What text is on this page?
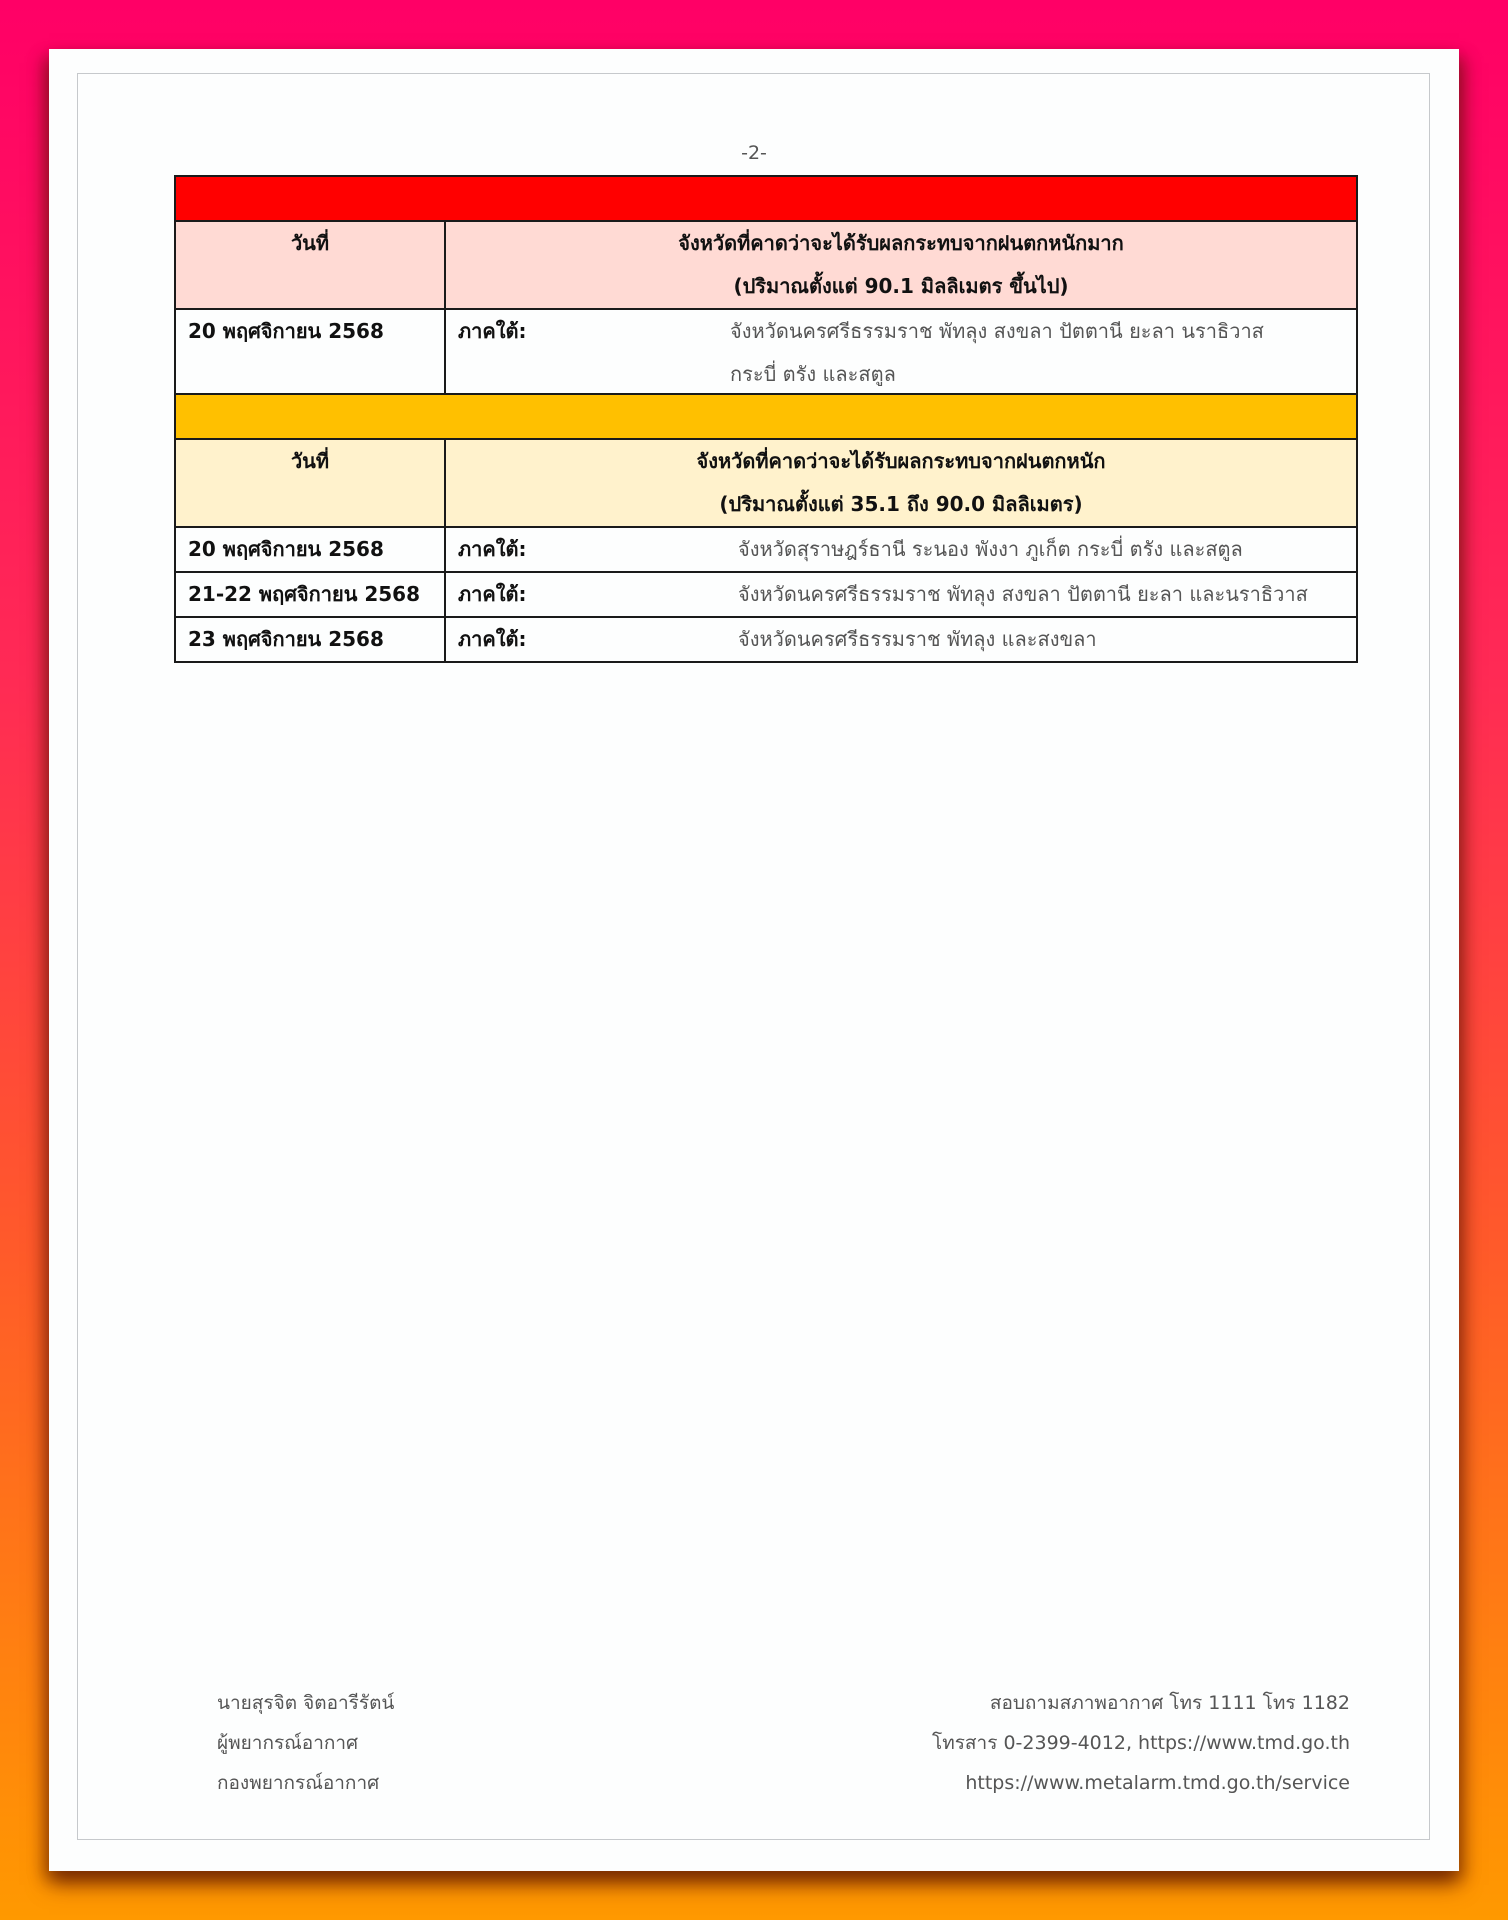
-2-

วันที่	จังหวัดที่คาดว่าจะได้รับผลกระทบจากฝนตกหนักมาก
(ปริมาณตั้งแต่ 90.1 มิลลิเมตร ขึ้นไป)

20 พฤศจิกายน 2568	ภาคใต้: จังหวัดนครศรีธรรมราช พัทลุง สงขลา ปัตตานี ยะลา นราธิวาส
กระบี่ ตรัง และสตูล

วันที่	จังหวัดที่คาดว่าจะได้รับผลกระทบจากฝนตกหนัก
(ปริมาณตั้งแต่ 35.1 ถึง 90.0 มิลลิเมตร)

20 พฤศจิกายน 2568	ภาคใต้: จังหวัดสุราษฎร์ธานี ระนอง พังงา ภูเก็ต กระบี่ ตรัง และสตูล

21-22 พฤศจิกายน 2568	ภาคใต้: จังหวัดนครศรีธรรมราช พัทลุง สงขลา ปัตตานี ยะลา และนราธิวาส

23 พฤศจิกายน 2568	ภาคใต้: จังหวัดนครศรีธรรมราช พัทลุง และสงขลา
นายสุรจิต จิตอารีรัตน์
ผู้พยากรณ์อากาศ
กองพยากรณ์อากาศ
สอบถามสภาพอากาศ โทร 1111 โทร 1182
โทรสาร 0-2399-4012, https://www.tmd.go.th
https://www.metalarm.tmd.go.th/service
